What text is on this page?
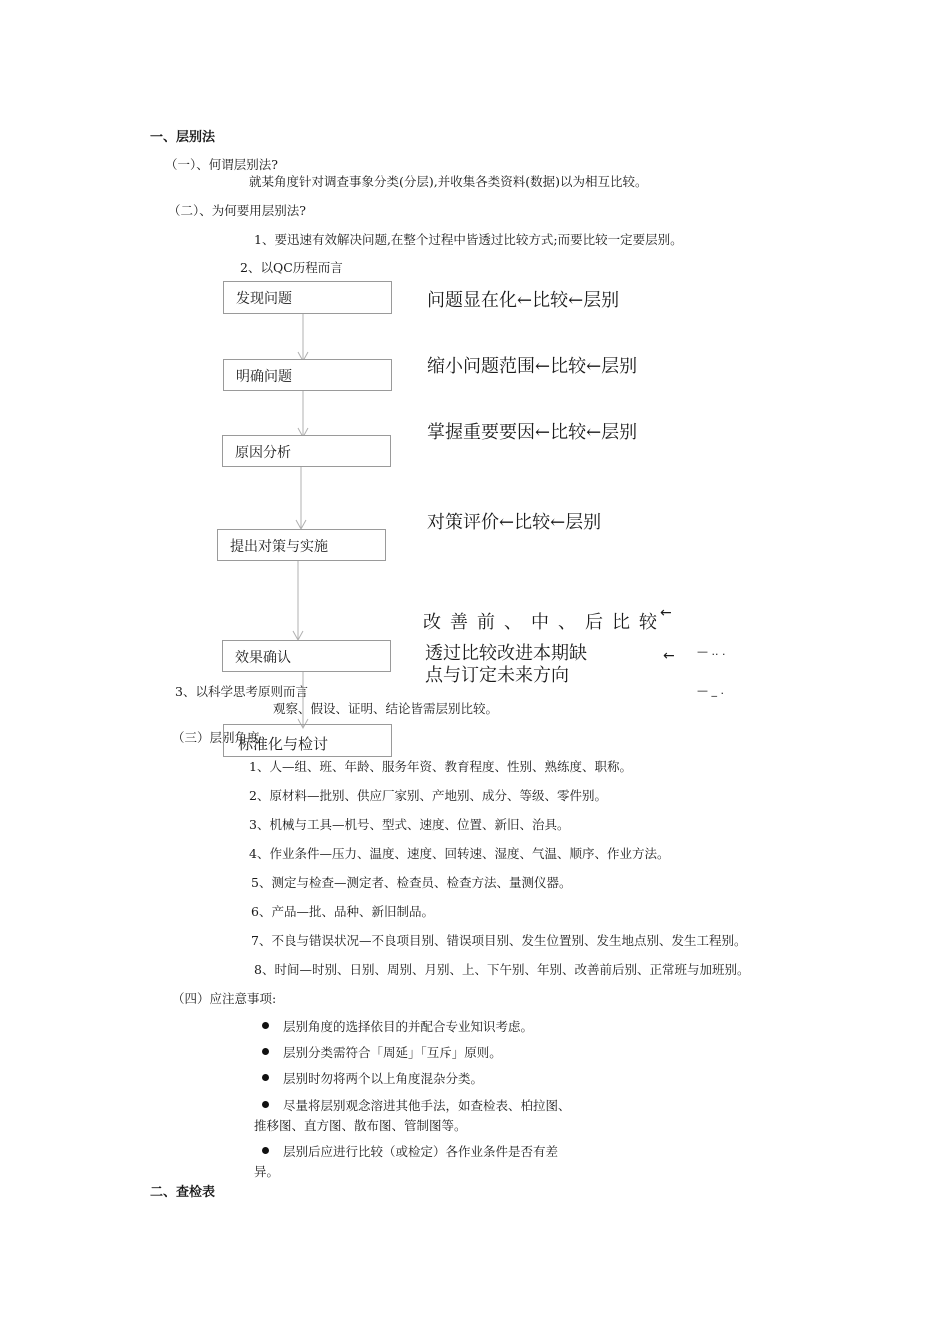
一、层别法
（一）、何谓层别法?
就某角度针对调查事象分类(分层),并收集各类资料(数据)以为相互比较。
（二）、为何要用层别法?
1、要迅速有效解决问题,在整个过程中皆透过比较方式;而要比较一定要层别。
2、以QC历程而言
发现问题
明确问题
原因分析
提出对策与实施
效果确认
问题显在化←比较←层别
缩小问题范围←比较←层别
掌握重要要因←比较←层别
对策评价←比较←层别
改善前、中、后比较
透过比较改进本期缺
点与订定未来方向
←
← — .. .
— _ .
3、以科学思考原则而言
观察、假设、证明、结论皆需层别比较。
（三）层别角度
标准化与检讨
1、人—组、班、年龄、服务年资、教育程度、性别、熟练度、职称。
2、原材料—批别、供应厂家别、产地别、成分、等级、零件别。
3、机械与工具—机号、型式、速度、位置、新旧、治具。
4、作业条件—压力、温度、速度、回转速、湿度、气温、顺序、作业方法。
5、测定与检查—测定者、检查员、检查方法、量测仪器。
6、产品—批、品种、新旧制品。
7、不良与错误状况—不良项目别、错误项目别、发生位置别、发生地点别、发生工程别。
8、时间—时别、日别、周别、月别、上、下午别、年别、改善前后别、正常班与加班别。
（四）应注意事项:
层别角度的选择依目的并配合专业知识考虑。
层别分类需符合「周延」「互斥」原则。
层别时勿将两个以上角度混杂分类。
尽量将层别观念溶进其他手法，如查检表、柏拉图、
推移图、直方图、散布图、管制图等。
层别后应进行比较（或检定）各作业条件是否有差
异。
二、查检表
